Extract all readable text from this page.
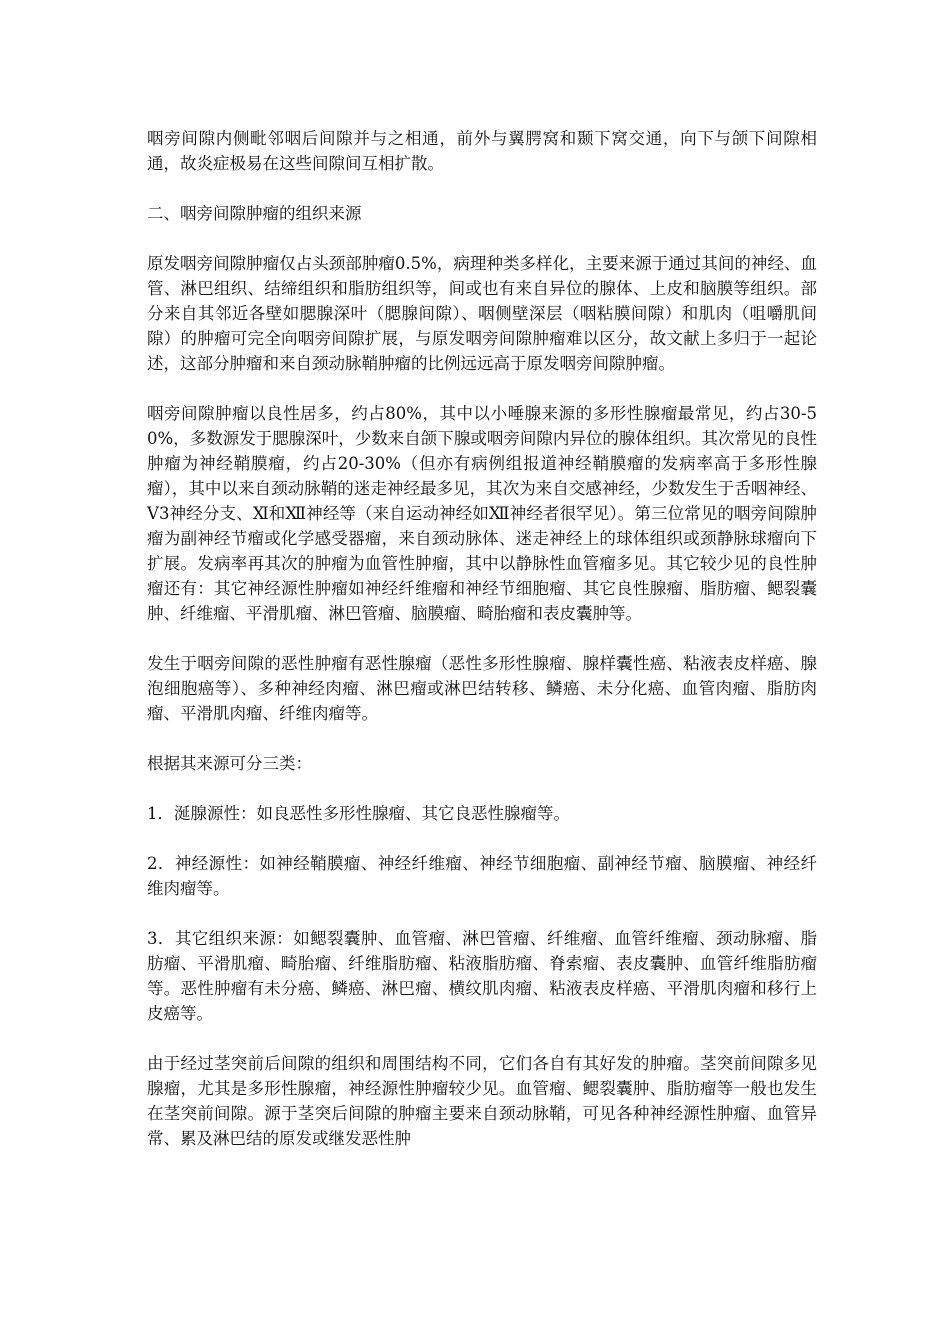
咽旁间隙内侧毗邻咽后间隙并与之相通，前外与翼腭窝和颞下窝交通，向下与颌下间隙相通，故炎症极易在这些间隙间互相扩散。

二、咽旁间隙肿瘤的组织来源

原发咽旁间隙肿瘤仅占头颈部肿瘤0.5%，病理种类多样化，主要来源于通过其间的神经、血管、淋巴组织、结缔组织和脂肪组织等，间或也有来自异位的腺体、上皮和脑膜等组织。部分来自其邻近各壁如腮腺深叶（腮腺间隙）、咽侧壁深层（咽粘膜间隙）和肌肉（咀嚼肌间隙）的肿瘤可完全向咽旁间隙扩展，与原发咽旁间隙肿瘤难以区分，故文献上多归于一起论述，这部分肿瘤和来自颈动脉鞘肿瘤的比例远远高于原发咽旁间隙肿瘤。

咽旁间隙肿瘤以良性居多，约占80%，其中以小唾腺来源的多形性腺瘤最常见，约占30-50%，多数源发于腮腺深叶，少数来自颌下腺或咽旁间隙内异位的腺体组织。其次常见的良性肿瘤为神经鞘膜瘤，约占20-30%（但亦有病例组报道神经鞘膜瘤的发病率高于多形性腺瘤），其中以来自颈动脉鞘的迷走神经最多见，其次为来自交感神经，少数发生于舌咽神经、Ⅴ3神经分支、Ⅺ和Ⅻ神经等（来自运动神经如Ⅻ神经者很罕见）。第三位常见的咽旁间隙肿瘤为副神经节瘤或化学感受器瘤，来自颈动脉体、迷走神经上的球体组织或颈静脉球瘤向下扩展。发病率再其次的肿瘤为血管性肿瘤，其中以静脉性血管瘤多见。其它较少见的良性肿瘤还有：其它神经源性肿瘤如神经纤维瘤和神经节细胞瘤、其它良性腺瘤、脂肪瘤、鳃裂囊肿、纤维瘤、平滑肌瘤、淋巴管瘤、脑膜瘤、畸胎瘤和表皮囊肿等。

发生于咽旁间隙的恶性肿瘤有恶性腺瘤（恶性多形性腺瘤、腺样囊性癌、粘液表皮样癌、腺泡细胞癌等）、多种神经肉瘤、淋巴瘤或淋巴结转移、鳞癌、未分化癌、血管肉瘤、脂肪肉瘤、平滑肌肉瘤、纤维肉瘤等。

根据其来源可分三类：

1．涎腺源性：如良恶性多形性腺瘤、其它良恶性腺瘤等。

2．神经源性：如神经鞘膜瘤、神经纤维瘤、神经节细胞瘤、副神经节瘤、脑膜瘤、神经纤维肉瘤等。

3．其它组织来源：如鳃裂囊肿、血管瘤、淋巴管瘤、纤维瘤、血管纤维瘤、颈动脉瘤、脂肪瘤、平滑肌瘤、畸胎瘤、纤维脂肪瘤、粘液脂肪瘤、脊索瘤、表皮囊肿、血管纤维脂肪瘤等。恶性肿瘤有未分癌、鳞癌、淋巴瘤、横纹肌肉瘤、粘液表皮样癌、平滑肌肉瘤和移行上皮癌等。

由于经过茎突前后间隙的组织和周围结构不同，它们各自有其好发的肿瘤。茎突前间隙多见腺瘤，尤其是多形性腺瘤，神经源性肿瘤较少见。血管瘤、鳃裂囊肿、脂肪瘤等一般也发生在茎突前间隙。源于茎突后间隙的肿瘤主要来自颈动脉鞘，可见各种神经源性肿瘤、血管异常、累及淋巴结的原发或继发恶性肿
